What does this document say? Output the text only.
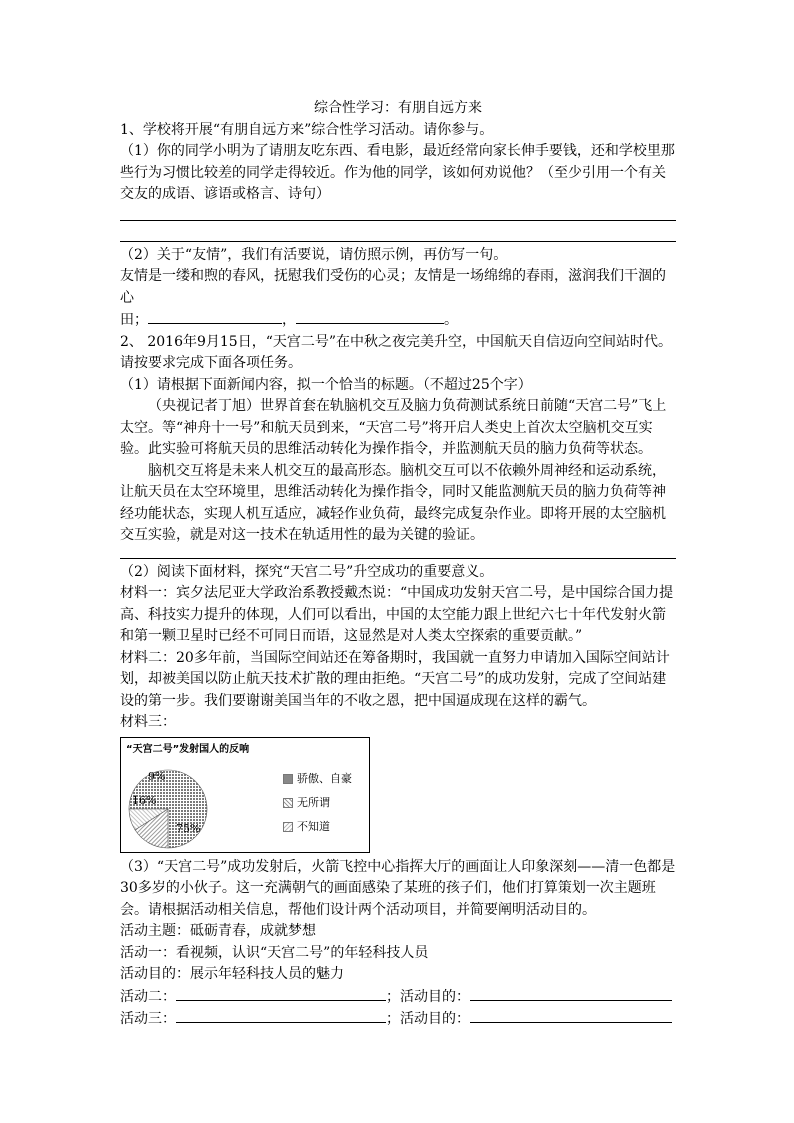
综合性学习：有朋自远方来

1、学校将开展“有朋自远方来”综合性学习活动。请你参与。

（1）你的同学小明为了请朋友吃东西、看电影，最近经常向家长伸手要钱，还和学校里那些行为习惯比较差的同学走得较近。作为他的同学，该如何劝说他？（至少引用一个有关交友的成语、谚语或格言、诗句）

（2）关于“友情”，我们有活要说，请仿照示例，再仿写一句。

友情是一缕和煦的春风，抚慰我们受伤的心灵；友情是一场绵绵的春雨，滋润我们干涸的心

田；	，	。

2、 2016年9月15日，“天宫二号”在中秋之夜完美升空，中国航天自信迈向空间站时代。请按要求完成下面各项任务。

（1）请根据下面新闻内容，拟一个恰当的标题。（不超过25个字）

（央视记者丁旭）世界首套在轨脑机交互及脑力负荷测试系统日前随“天宫二号”飞上太空。等“神舟十一号”和航天员到来，“天宫二号”将开启人类史上首次太空脑机交互实验。此实验可将航天员的思维活动转化为操作指令，并监测航天员的脑力负荷等状态。

脑机交互将是未来人机交互的最高形态。脑机交互可以不依赖外周神经和运动系统，让航天员在太空环境里，思维活动转化为操作指令，同时又能监测航天员的脑力负荷等神经功能状态，实现人机互适应，减轻作业负荷，最终完成复杂作业。即将开展的太空脑机交互实验，就是对这一技术在轨适用性的最为关键的验证。

（2）阅读下面材料，探究“天宫二号”升空成功的重要意义。

材料一：宾夕法尼亚大学政治系教授戴杰说：“中国成功发射天宫二号，是中国综合国力提高、科技实力提升的体现，人们可以看出，中国的太空能力跟上世纪六七十年代发射火箭和第一颗卫星时已经不可同日而语，这显然是对人类太空探索的重要贡献。”

材料二：20多年前，当国际空间站还在筹备期时，我国就一直努力申请加入国际空间站计划，却被美国以防止航天技术扩散的理由拒绝。“天宫二号”的成功发射，完成了空间站建设的第一步。我们要谢谢美国当年的不收之恩，把中国逼成现在这样的霸气。

材料三：

“天宫二号”发射国人的反响
骄傲、自豪
无所谓
不知道
75%
16%
9%

（3）“天宫二号”成功发射后，火箭飞控中心指挥大厅的画面让人印象深刻——清一色都是30多岁的小伙子。这一充满朝气的画面感染了某班的孩子们，他们打算策划一次主题班会。请根据活动相关信息，帮他们设计两个活动项目，并简要阐明活动目的。

活动主题：砥砺青春，成就梦想

活动一：看视频，认识“天宫二号”的年轻科技人员

活动目的：展示年轻科技人员的魅力

活动二：	；活动目的：
活动三：	；活动目的：
